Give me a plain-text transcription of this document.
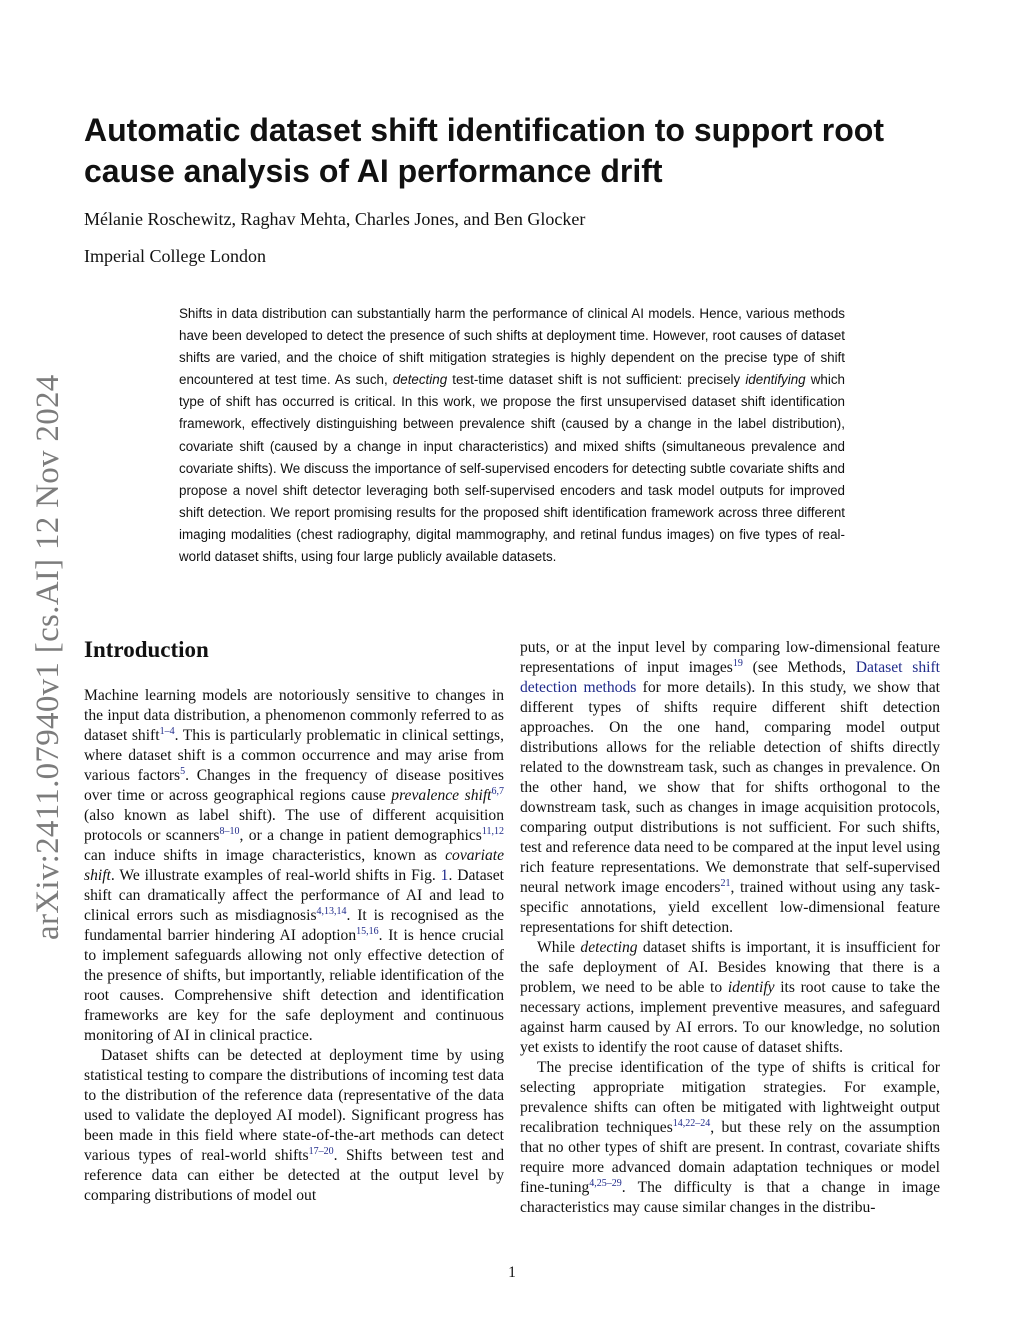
arXiv:2411.07940v1 [cs.AI] 12 Nov 2024
Automatic dataset shift identification to support root cause analysis of AI performance drift
Mélanie Roschewitz, Raghav Mehta, Charles Jones, and Ben Glocker
Imperial College London

Shifts in data distribution can substantially harm the performance of clinical AI models. Hence, various methods have been developed to detect the presence of such shifts at deployment time. However, root causes of dataset shifts are varied, and the choice of shift mitigation strategies is highly dependent on the precise type of shift encountered at test time. As such, detecting test-time dataset shift is not sufficient: precisely identifying which type of shift has occurred is critical. In this work, we propose the first unsupervised dataset shift identification framework, effectively distinguishing between prevalence shift (caused by a change in the label distribution), covariate shift (caused by a change in input characteristics) and mixed shifts (simultaneous prevalence and covariate shifts). We discuss the importance of self-supervised encoders for detecting subtle covariate shifts and propose a novel shift detector leveraging both self-supervised encoders and task model outputs for improved shift detection. We report promising results for the proposed shift identification framework across three different imaging modalities (chest radiography, digital mammography, and retinal fundus images) on five types of real-world dataset shifts, using four large publicly available datasets.

Introduction

Machine learning models are notoriously sensitive to changes in the input data distribution, a phenomenon commonly referred to as dataset shift$^{1-4}$. This is particularly problematic in clinical settings, where dataset shift is a common occurrence and may arise from various factors$^5$. Changes in the frequency of disease positives over time or across geographical regions cause prevalence shift$^{6,7}$ (also known as label shift). The use of different acquisition protocols or scanners$^{8-10}$, or a change in patient demographics$^{11,12}$ can induce shifts in image characteristics, known as covariate shift. We illustrate examples of real-world shifts in Fig. 1. Dataset shift can dramatically affect the performance of AI and lead to clinical errors such as misdiagnosis$^{4,13,14}$. It is recognised as the fundamental barrier hindering AI adoption$^{15,16}$. It is hence crucial to implement safeguards allowing not only effective detection of the presence of shifts, but importantly, reliable identification of the root causes. Comprehensive shift detection and identification frameworks are key for the safe deployment and continuous monitoring of AI in clinical practice.

Dataset shifts can be detected at deployment time by using statistical testing to compare the distributions of incoming test data to the distribution of the reference data (representative of the data used to validate the deployed AI model). Significant progress has been made in this field where state-of-the-art methods can detect various types of real-world shifts$^{17-20}$. Shifts between test and reference data can either be detected at the output level by comparing distributions of model out

puts, or at the input level by comparing low-dimensional feature representations of input images$^{19}$ (see Methods, Dataset shift detection methods for more details). In this study, we show that different types of shifts require different shift detection approaches. On the one hand, comparing model output distributions allows for the reliable detection of shifts directly related to the downstream task, such as changes in prevalence. On the other hand, we show that for shifts orthogonal to the downstream task, such as changes in image acquisition protocols, comparing output distributions is not sufficient. For such shifts, test and reference data need to be compared at the input level using rich feature representations. We demonstrate that self-supervised neural network image encoders$^{21}$, trained without using any task-specific annotations, yield excellent low-dimensional feature representations for shift detection.

While detecting dataset shifts is important, it is insufficient for the safe deployment of AI. Besides knowing that there is a problem, we need to be able to identify its root cause to take the necessary actions, implement preventive measures, and safeguard against harm caused by AI errors. To our knowledge, no solution yet exists to identify the root cause of dataset shifts.

The precise identification of the type of shifts is critical for selecting appropriate mitigation strategies. For example, prevalence shifts can often be mitigated with lightweight output recalibration techniques$^{14,22-24}$, but these rely on the assumption that no other types of shift are present. In contrast, covariate shifts require more advanced domain adaptation techniques or model fine-tuning$^{4,25-29}$. The difficulty is that a change in image characteristics may cause similar changes in the distribu-

1
